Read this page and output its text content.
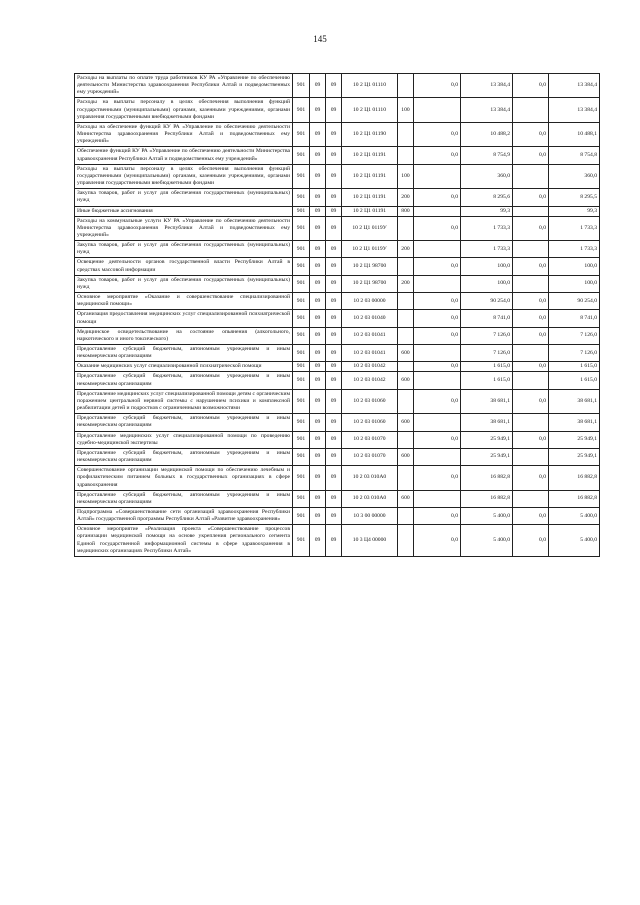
145
Расходы на выплаты по оплате труда работников КУ РА «Управление по обеспечению деятельности Министерства здравоохранения Республики Алтай и подведомственных ему учреждений»	901	09	09	10 2 Ц1 01110		0,0	13 384,4	0,0	13 384,4
Расходы на выплаты персоналу в целях обеспечения выполнения функций государственными (муниципальными) органами, казенными учреждениями, органами управления государственными внебюджетными фондами	901	09	09	10 2 Ц1 01110	100		13 384,4		13 384,4
Расходы на обеспечение функций КУ РА «Управление по обеспечению деятельности Министерства здравоохранения Республики Алтай и подведомственных ему учреждений»	901	09	09	10 2 Ц1 01190		0,0	10 488,2	0,0	10 488,1
Обеспечение функций КУ РА «Управление по обеспечению деятельности Министерства здравоохранения Республики Алтай и подведомственных ему учреждений»	901	09	09	10 2 Ц1 01191		0,0	8 754,9	0,0	8 754,8
Расходы на выплаты персоналу в целях обеспечения выполнения функций государственными (муниципальными) органами, казенными учреждениями, органами управления государственными внебюджетными фондами	901	09	09	10 2 Ц1 01191	100		360,0		360,0
Закупка товаров, работ и услуг для обеспечения государственных (муниципальных) нужд	901	09	09	10 2 Ц1 01191	200	0,0	8 295,6	0,0	8 295,5
Иные бюджетные ассигнования	901	09	09	10 2 Ц1 01191	800		99,3		99,3
Расходы на коммунальные услуги КУ РА «Управление по обеспечению деятельности Министерства здравоохранения Республики Алтай и подведомственных ему учреждений»	901	09	09	10 2 Ц1 0119У		0,0	1 733,3	0,0	1 733,3
Закупка товаров, работ и услуг для обеспечения государственных (муниципальных) нужд	901	09	09	10 2 Ц1 0119У	200		1 733,3		1 733,3
Освещение деятельности органов государственной власти Республики Алтай в средствах массовой информации	901	09	09	10 2 Ц1 98700		0,0	100,0	0,0	100,0
Закупка товаров, работ и услуг для обеспечения государственных (муниципальных) нужд	901	09	09	10 2 Ц1 98700	200		100,0		100,0
Основное мероприятие «Оказание и совершенствование специализированной медицинской помощи»	901	09	09	10 2 03 00000		0,0	90 254,0	0,0	90 254,0
Организация предоставления медицинских услуг специализированной психиатрической помощи	901	09	09	10 2 03 01040		0,0	8 741,0	0,0	8 741,0
Медицинское освидетельствование на состояние опьянения (алкогольного, наркотического и иного токсического)	901	09	09	10 2 03 01041		0,0	7 126,0	0,0	7 126,0
Предоставление субсидий бюджетным, автономным учреждениям и иным некоммерческим организациям	901	09	09	10 2 03 01041	600		7 126,0		7 126,0
Оказание медицинских услуг специализированной психиатрической помощи	901	09	09	10 2 03 01042		0,0	1 615,0	0,0	1 615,0
Предоставление субсидий бюджетным, автономным учреждениям и иным некоммерческим организациям	901	09	09	10 2 03 01042	600		1 615,0		1 615,0
Предоставление медицинских услуг специализированной помощи детям с органическим поражением центральной нервной системы с нарушением психики и комплексной реабилитации детей и подростков с ограниченными возможностями	901	09	09	10 2 03 01060		0,0	38 681,1	0,0	38 681,1
Предоставление субсидий бюджетным, автономным учреждениям и иным некоммерческим организациям	901	09	09	10 2 03 01060	600		38 681,1		38 681,1
Предоставление медицинских услуг специализированной помощи по проведению судебно-медицинской экспертизы	901	09	09	10 2 03 01070		0,0	25 949,1	0,0	25 949,1
Предоставление субсидий бюджетным, автономным учреждениям и иным некоммерческим организациям	901	09	09	10 2 03 01070	600		25 949,1		25 949,1
Совершенствование организации медицинской помощи по обеспечению лечебным и профилактическим питанием больных в государственных организациях в сфере здравоохранения	901	09	09	10 2 03 010А0		0,0	16 882,8	0,0	16 882,8
Предоставление субсидий бюджетным, автономным учреждениям и иным некоммерческим организациям	901	09	09	10 2 03 010А0	600		16 882,8		16 882,8
Подпрограмма «Совершенствование сети организаций здравоохранения Республики Алтай» государственной программы Республики Алтай «Развитие здравоохранения»	901	09	09	10 3 00 00000		0,0	5 400,0	0,0	5 400,0
Основное мероприятие «Реализация проекта «Совершенствование процессов организации медицинской помощи на основе укрепления регионального сегмента Единой государственной информационной системы в сфере здравоохранения в медицинских организациях Республики Алтай»	901	09	09	10 3 Ц4 00000		0,0	5 400,0	0,0	5 400,0
